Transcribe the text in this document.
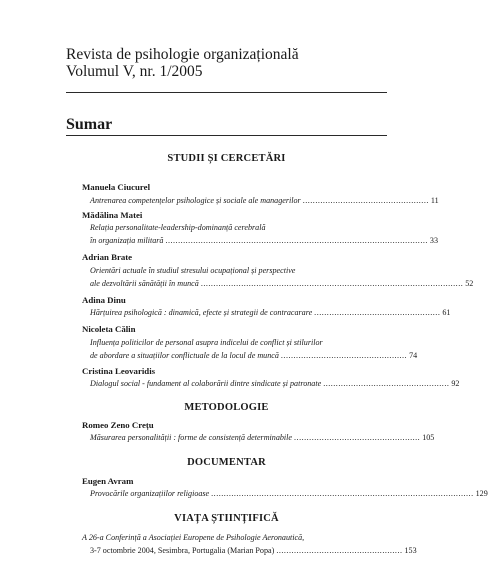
Revista de psihologie organizațională
Volumul V, nr. 1/2005
Sumar
STUDII ȘI CERCETĂRI
Manuela Ciucurel
Antrenarea competențelor psihologice și sociale ale managerilor .................................................. 11
Mădălina Matei
Relația personalitate-leadership-dominanță cerebrală
în organizația militară ........................................................................................................ 33
Adrian Brate
Orientări actuale în studiul stresului ocupațional și perspective
ale dezvoltării sănătății în muncă ........................................................................................................ 52
Adina Dinu
Hărțuirea psihologică : dinamică, efecte și strategii de contracarare .................................................. 61
Nicoleta Călin
Influența politicilor de personal asupra indicelui de conflict și stilurilor
de abordare a situațiilor conflictuale de la locul de muncă .................................................. 74
Cristina Leovaridis
Dialogul social - fundament al colaborării dintre sindicate și patronate .................................................. 92
METODOLOGIE
Romeo Zeno Crețu
Măsurarea personalității : forme de consistență determinabile .................................................. 105
DOCUMENTAR
Eugen Avram
Provocările organizațiilor religioase ........................................................................................................ 129
VIAȚA ȘTIINȚIFICĂ
A 26-a Conferință a Asociației Europene de Psihologie Aeronautică,
3-7 octombrie 2004, Sesimbra, Portugalia (Marian Popa) .................................................. 153
